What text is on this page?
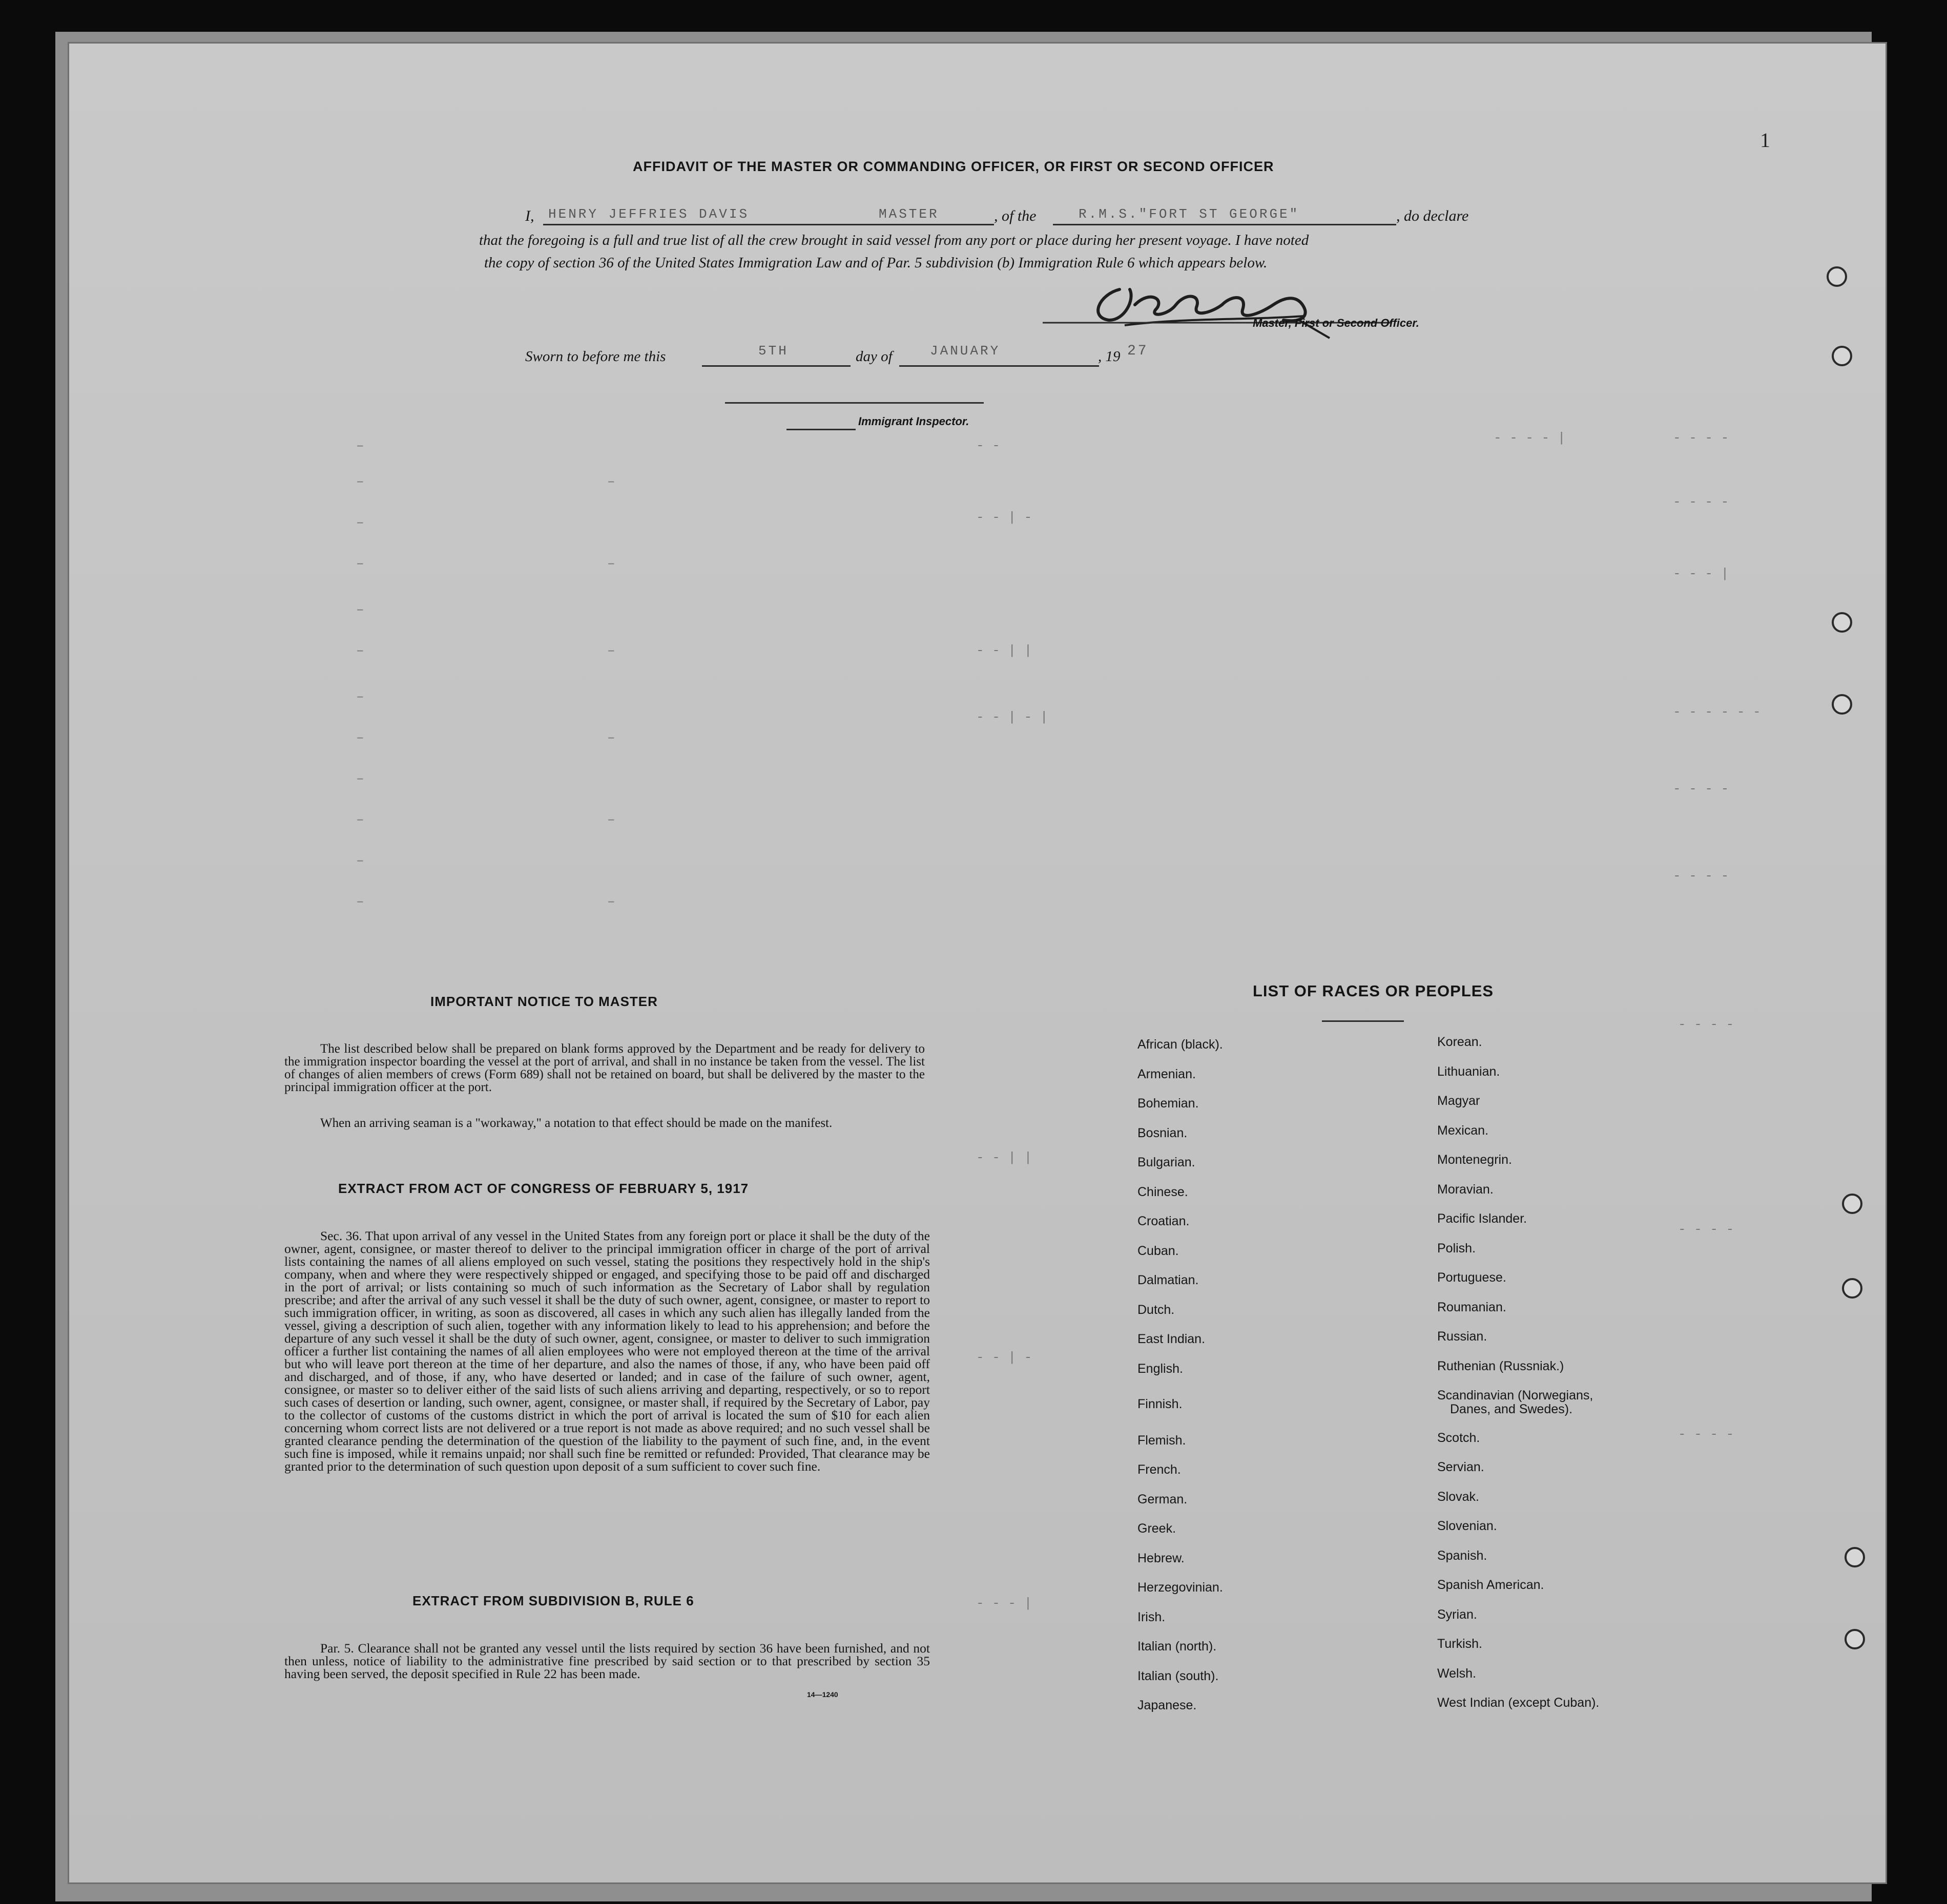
1
AFFIDAVIT OF THE MASTER OR COMMANDING OFFICER, OR FIRST OR SECOND OFFICER
I, HENRY JEFFRIES DAVIS	MASTER	, of the	R.M.S."FORT ST GEORGE"	, do declare
that the foregoing is a full and true list of all the crew brought in said vessel from any port or place during her present voyage. I have noted
the copy of section 36 of the United States Immigration Law and of Par. 5 subdivision (b) Immigration Rule 6 which appears below.
Master, First or Second Officer.
Sworn to before me this	5TH	day of	JANUARY	, 19 27
Immigrant Inspector.
–
–
–
–
–
–
–
–
–
–
–
–
–
–
–
–
–
–
- -
- - | -
- - | |
- - | - |
- - | |
- - | -
- - - |
- - - - |	- - - -
- - - -
- - - |
- - - - - -
- - - -
- - - -
- - - -
- - - -
- - - -
IMPORTANT NOTICE TO MASTER
The list described below shall be prepared on blank forms approved by the Department and be ready for delivery to the immigration inspector boarding the vessel at the port of arrival, and shall in no instance be taken from the vessel. The list of changes of alien members of crews (Form 689) shall not be retained on board, but shall be delivered by the master to the principal immigration officer at the port.
When an arriving seaman is a "workaway," a notation to that effect should be made on the manifest.
EXTRACT FROM ACT OF CONGRESS OF FEBRUARY 5, 1917
Sec. 36. That upon arrival of any vessel in the United States from any foreign port or place it shall be the duty of the owner, agent, consignee, or master thereof to deliver to the principal immigration officer in charge of the port of arrival lists containing the names of all aliens employed on such vessel, stating the positions they respectively hold in the ship's company, when and where they were respectively shipped or engaged, and specifying those to be paid off and discharged in the port of arrival; or lists containing so much of such information as the Secretary of Labor shall by regulation prescribe; and after the arrival of any such vessel it shall be the duty of such owner, agent, consignee, or master to report to such immigration officer, in writing, as soon as discovered, all cases in which any such alien has illegally landed from the vessel, giving a description of such alien, together with any information likely to lead to his apprehension; and before the departure of any such vessel it shall be the duty of such owner, agent, consignee, or master to deliver to such immigration officer a further list containing the names of all alien employees who were not employed thereon at the time of the arrival but who will leave port thereon at the time of her departure, and also the names of those, if any, who have been paid off and discharged, and of those, if any, who have deserted or landed; and in case of the failure of such owner, agent, consignee, or master so to deliver either of the said lists of such aliens arriving and departing, respectively, or so to report such cases of desertion or landing, such owner, agent, consignee, or master shall, if required by the Secretary of Labor, pay to the collector of customs of the customs district in which the port of arrival is located the sum of $10 for each alien concerning whom correct lists are not delivered or a true report is not made as above required; and no such vessel shall be granted clearance pending the determination of the question of the liability to the payment of such fine, and, in the event such fine is imposed, while it remains unpaid; nor shall such fine be remitted or refunded: Provided, That clearance may be granted prior to the determination of such question upon deposit of a sum sufficient to cover such fine.
EXTRACT FROM SUBDIVISION B, RULE 6
Par. 5. Clearance shall not be granted any vessel until the lists required by section 36 have been furnished, and not then unless, notice of liability to the administrative fine prescribed by said section or to that prescribed by section 35 having been served, the deposit specified in Rule 22 has been made.
14—1240
LIST OF RACES OR PEOPLES
African (black).
Armenian.
Bohemian.
Bosnian.
Bulgarian.
Chinese.
Croatian.
Cuban.
Dalmatian.
Dutch.
East Indian.
English.
Finnish.
Flemish.
French.
German.
Greek.
Hebrew.
Herzegovinian.
Irish.
Italian (north).
Italian (south).
Japanese.
Korean.
Lithuanian.
Magyar
Mexican.
Montenegrin.
Moravian.
Pacific Islander.
Polish.
Portuguese.
Roumanian.
Russian.
Ruthenian (Russniak.)
Scandinavian (Norwegians,
Danes, and Swedes).
Scotch.
Servian.
Slovak.
Slovenian.
Spanish.
Spanish American.
Syrian.
Turkish.
Welsh.
West Indian (except Cuban).
